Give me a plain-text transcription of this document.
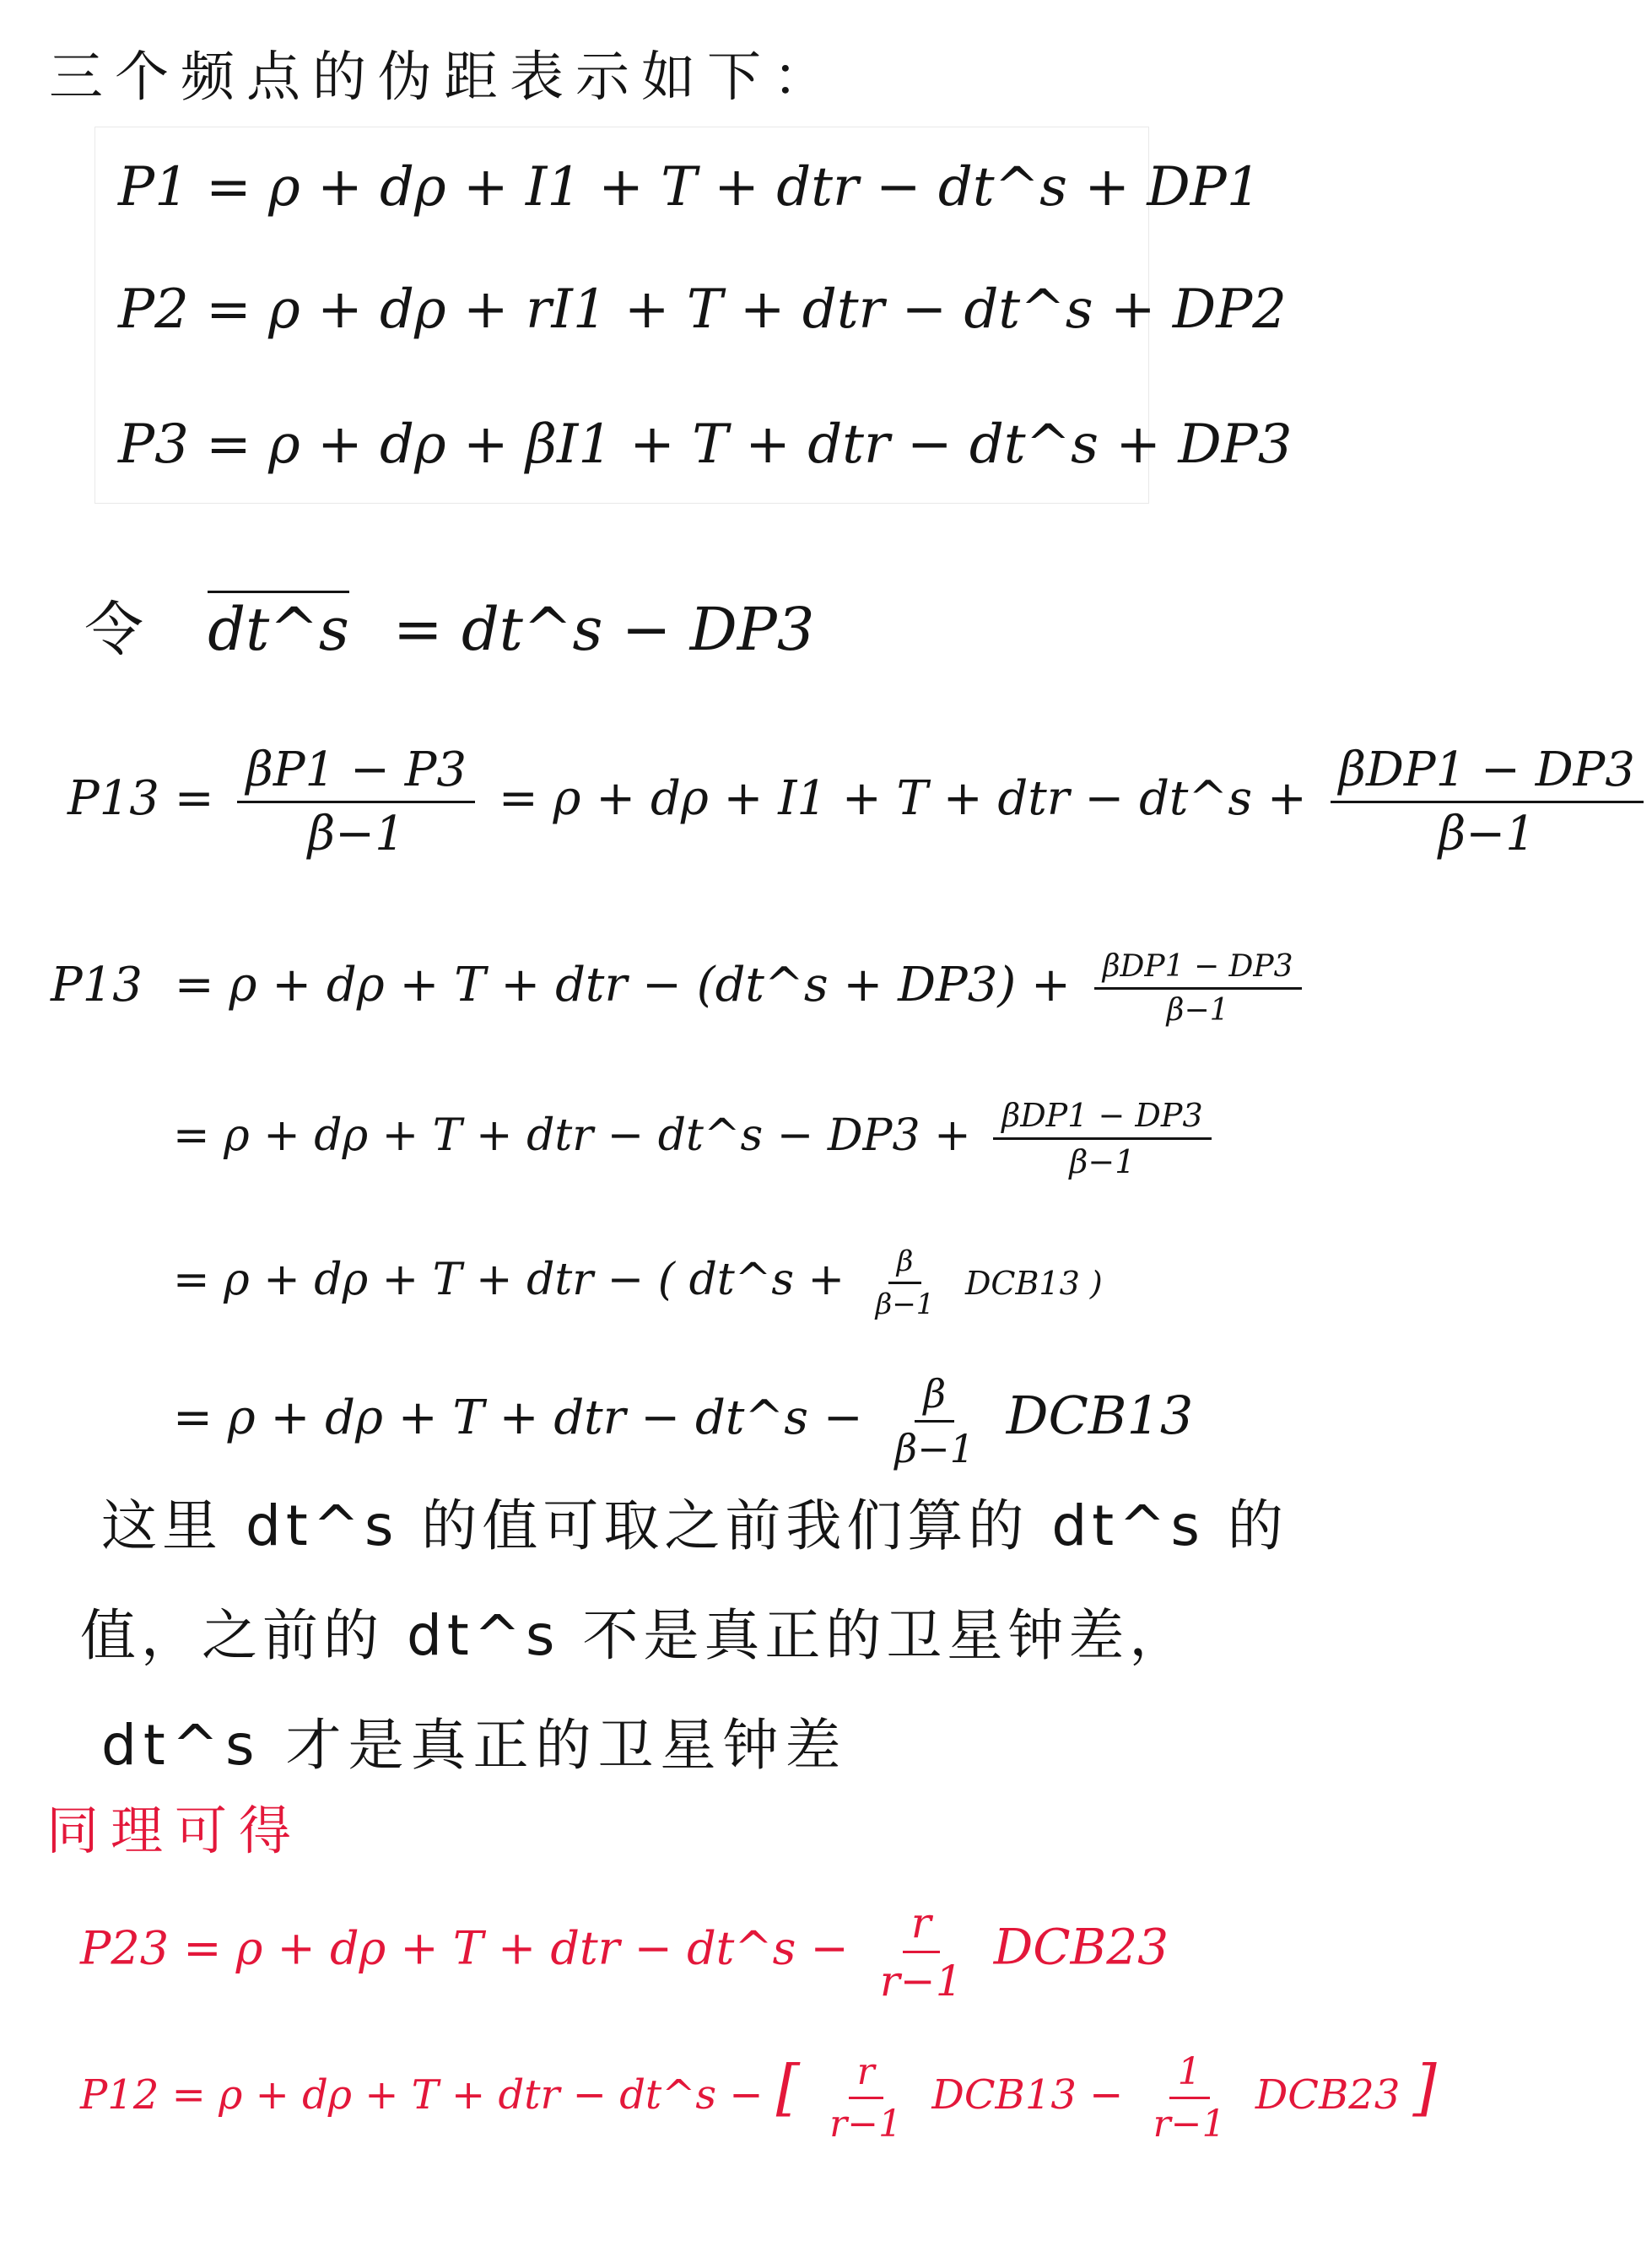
三个频点的伪距表示如下：
P1 = ρ + dρ + I1 + T + dtr − dt^s + DP1
P2 = ρ + dρ + rI1 + T + dtr − dt^s + DP2
P3 = ρ + dρ + βI1 + T + dtr − dt^s + DP3
令 dt^s = dt^s − DP3
$P13 = \frac{\beta P1 - P3}{\beta-1} = \rho + d\rho + I1 + T$ + dtr − dt^s + $\frac{\text{βDP1 − DP3}}{\beta-1}$
P13 = ρ + dρ + T + dtr − (dt^s + $DP3) + \frac{\text{βDP1 − DP3}}{\beta-1}$
= ρ + dρ + T + dtr − dt^s − $DP3 + \frac{\text{βDP1 − DP3}}{\beta-1}$
= ρ + dρ + T + dtr − ( dt^s + $\frac{\beta}{\beta-1} DCB13$ )
= ρ + dρ + T + dtr − dt^s − $\frac{\beta}{\beta-1} DCB13$
这里 dt^s 的值可取之前我们算的 dt^s 的
值，之前的 dt^s 不是真正的卫星钟差，
dt^s 才是真正的卫星钟差
同理可得
P23 = ρ + dρ + T + dtr − dt^s − $\frac{r}{r-1} DCB23$
P12 = ρ + dρ + T + dtr − dt^s − [ $\frac{r}{r-1} DCB13 - \frac{1}{r-1} DCB23$ ]
